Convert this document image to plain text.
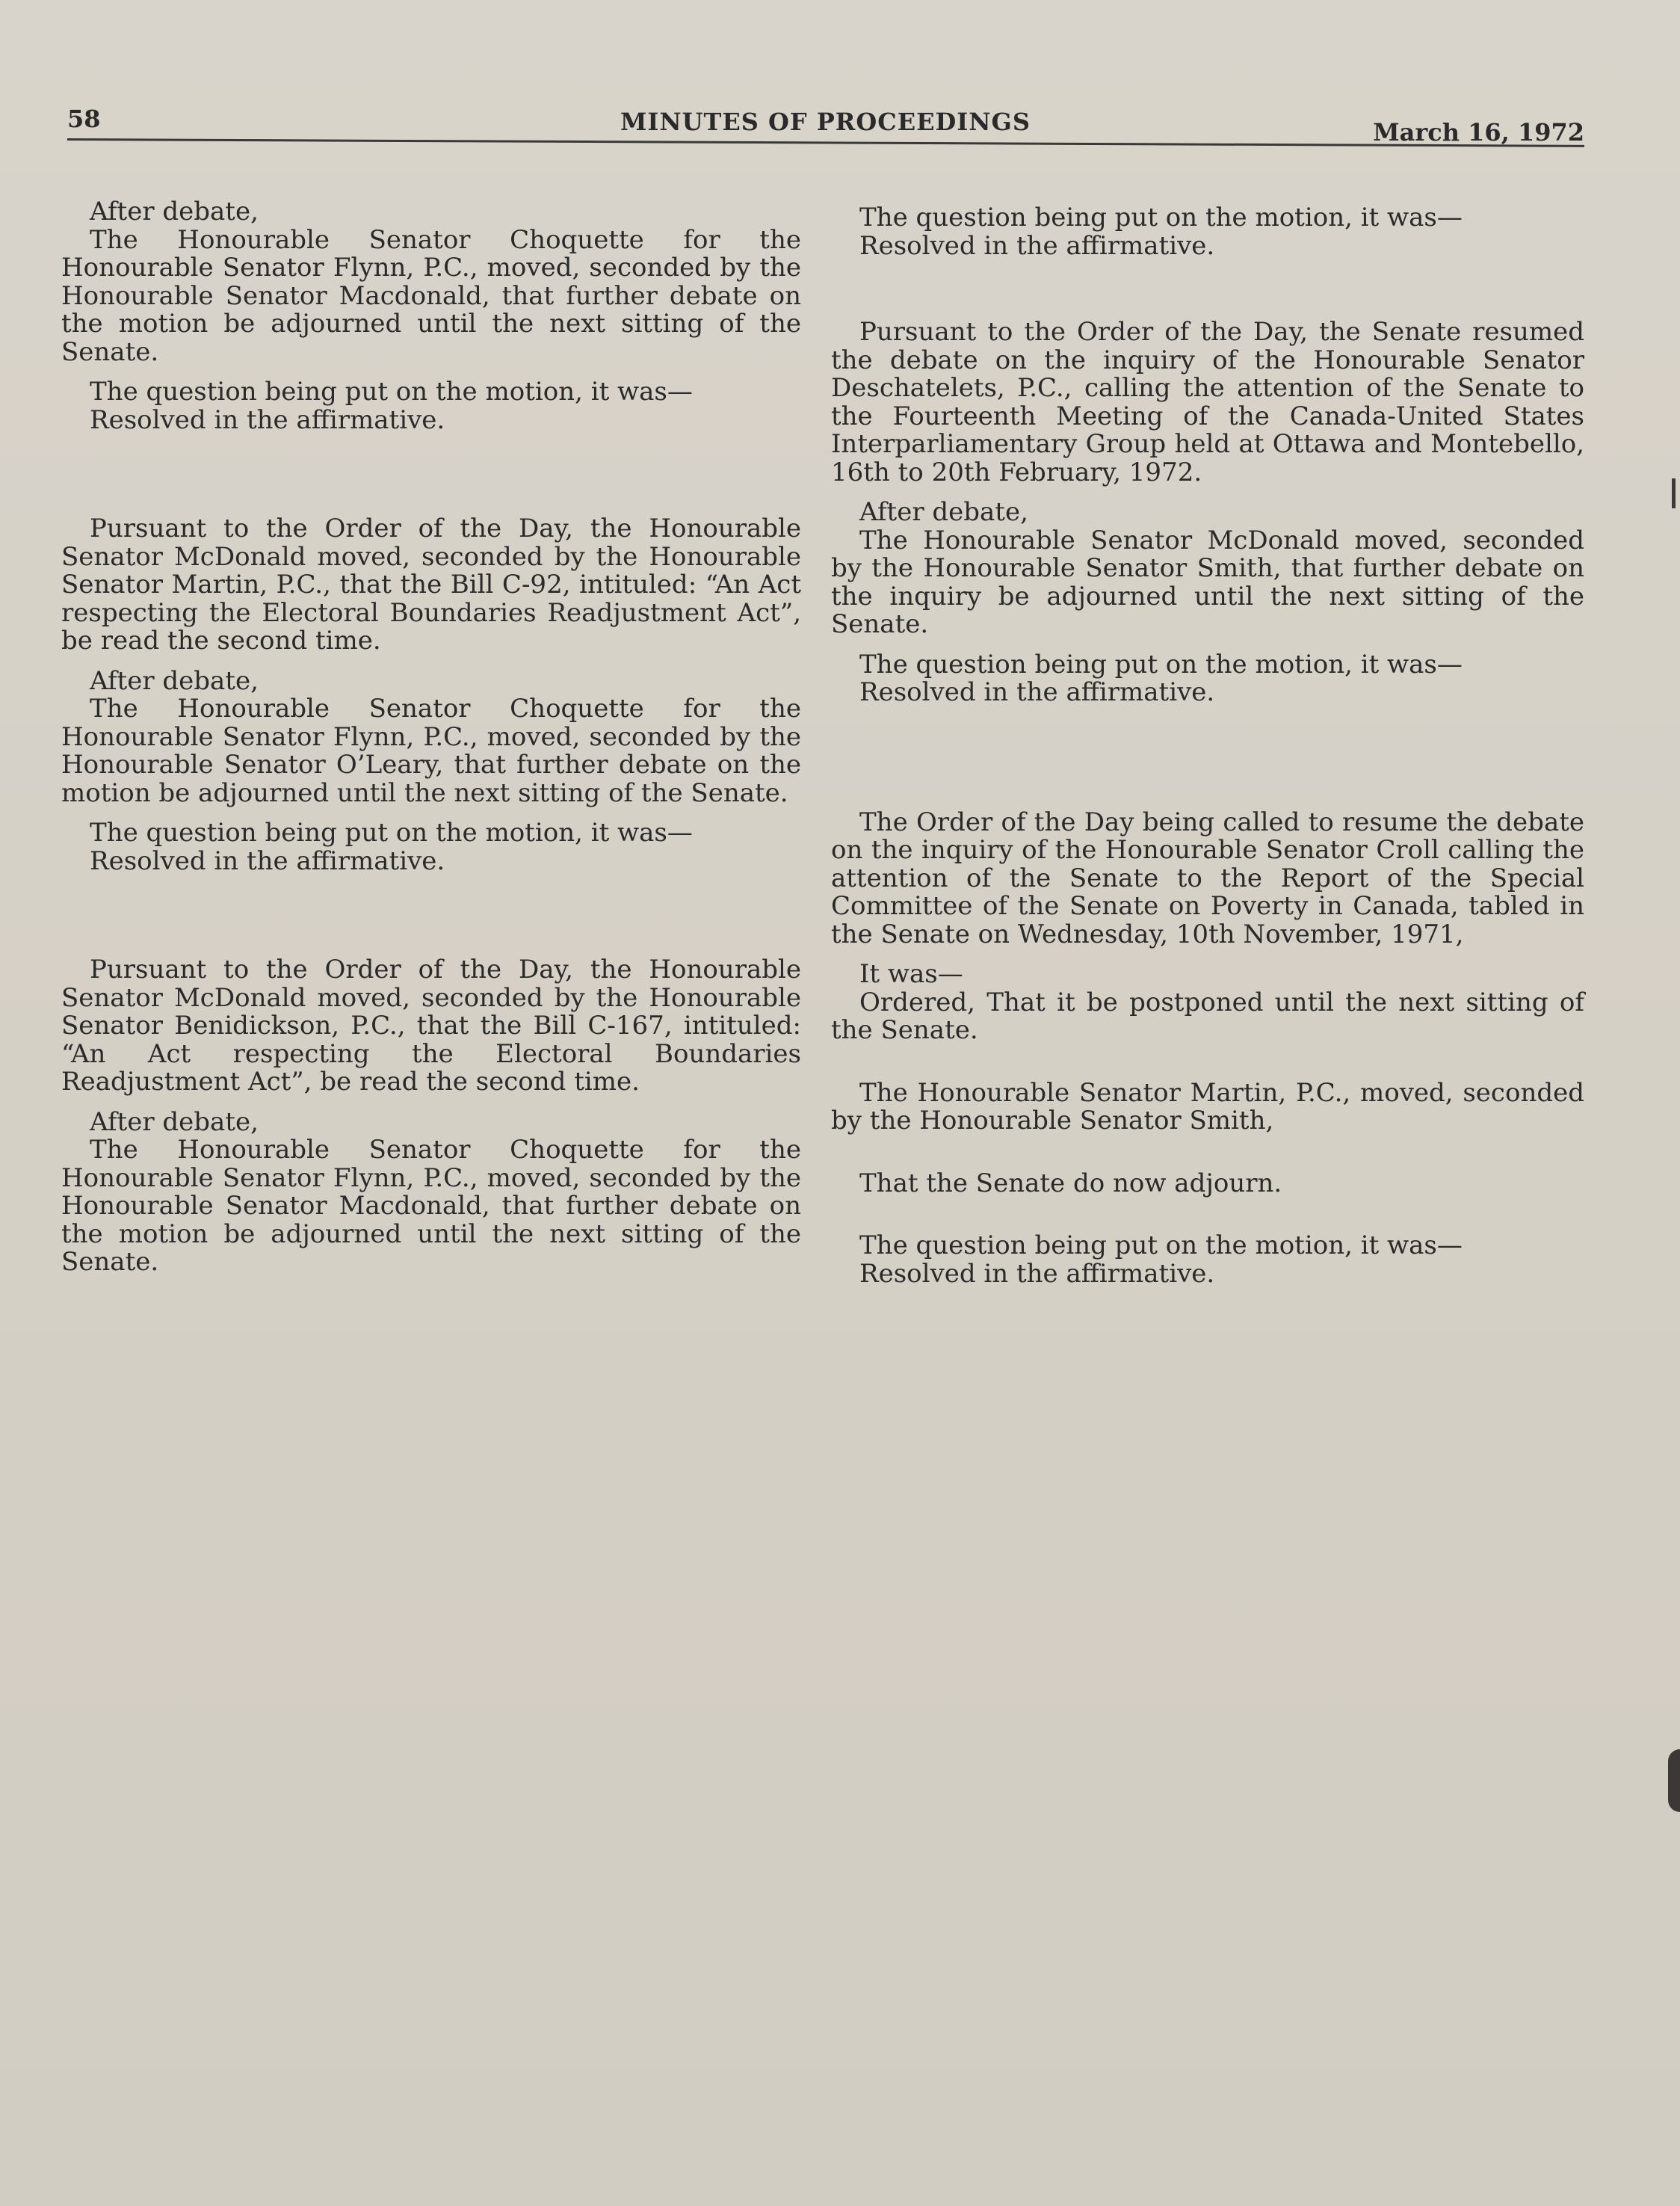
58	MINUTES OF PROCEEDINGS	March 16, 1972

After debate,

The Honourable Senator Choquette for the Honourable Senator Flynn, P.C., moved, seconded by the Honourable Senator Macdonald, that further debate on the motion be adjourned until the next sitting of the Senate.

The question being put on the motion, it was—

Resolved in the affirmative.

Pursuant to the Order of the Day, the Honourable Senator McDonald moved, seconded by the Honourable Senator Martin, P.C., that the Bill C-92, intituled: “An Act respecting the Electoral Boundaries Readjustment Act”, be read the second time.

After debate,

The Honourable Senator Choquette for the Honourable Senator Flynn, P.C., moved, seconded by the Honourable Senator O’Leary, that further debate on the motion be adjourned until the next sitting of the Senate.

The question being put on the motion, it was—

Resolved in the affirmative.

Pursuant to the Order of the Day, the Honourable Senator McDonald moved, seconded by the Honourable Senator Benidickson, P.C., that the Bill C-167, intituled: “An Act respecting the Electoral Boundaries Readjustment Act”, be read the second time.

After debate,

The Honourable Senator Choquette for the Honourable Senator Flynn, P.C., moved, seconded by the Honourable Senator Macdonald, that further debate on the motion be adjourned until the next sitting of the Senate.

The question being put on the motion, it was—

Resolved in the affirmative.

Pursuant to the Order of the Day, the Senate resumed the debate on the inquiry of the Honourable Senator Deschatelets, P.C., calling the attention of the Senate to the Fourteenth Meeting of the Canada-United States Interparliamentary Group held at Ottawa and Montebello, 16th to 20th February, 1972.

After debate,

The Honourable Senator McDonald moved, seconded by the Honourable Senator Smith, that further debate on the inquiry be adjourned until the next sitting of the Senate.

The question being put on the motion, it was—

Resolved in the affirmative.

The Order of the Day being called to resume the debate on the inquiry of the Honourable Senator Croll calling the attention of the Senate to the Report of the Special Committee of the Senate on Poverty in Canada, tabled in the Senate on Wednesday, 10th November, 1971,

It was—

Ordered, That it be postponed until the next sitting of the Senate.

The Honourable Senator Martin, P.C., moved, seconded by the Honourable Senator Smith,

That the Senate do now adjourn.

The question being put on the motion, it was—

Resolved in the affirmative.
